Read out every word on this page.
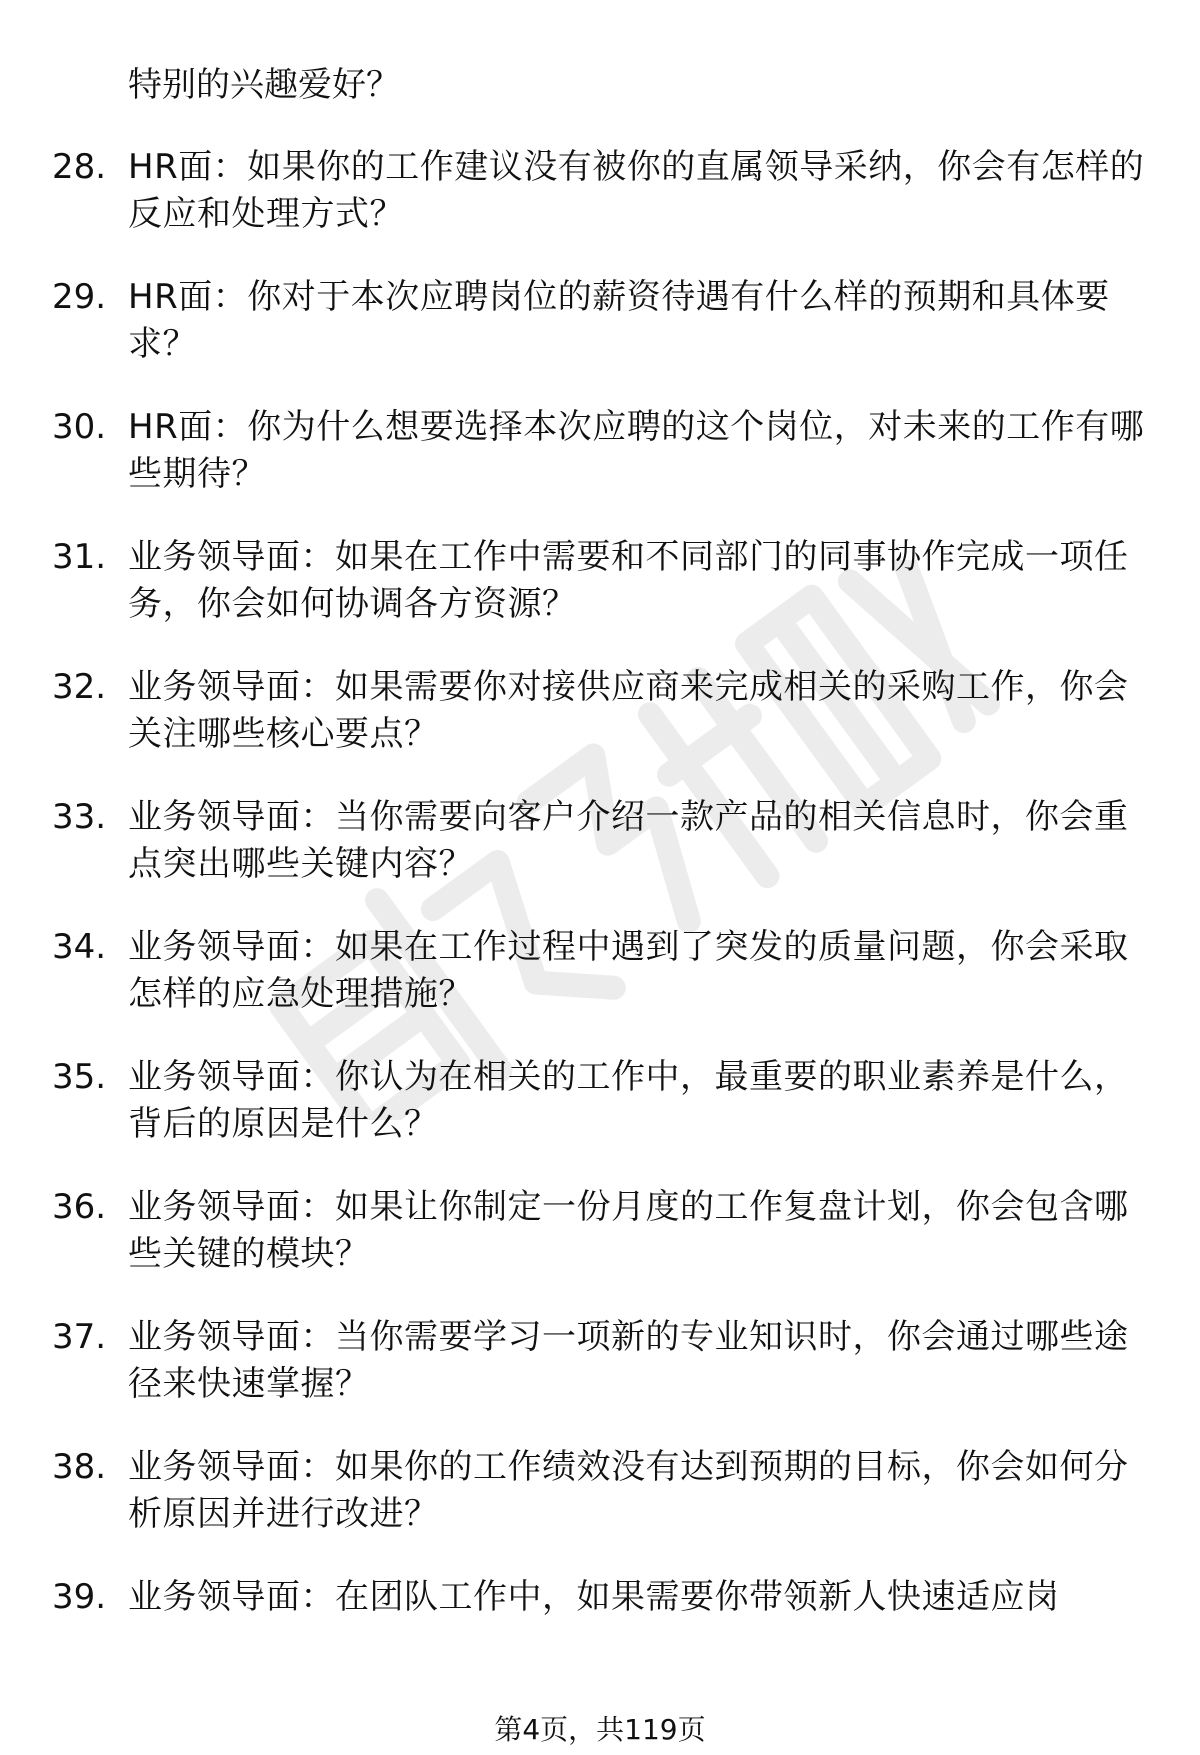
特别的兴趣爱好？
28. HR面：如果你的工作建议没有被你的直属领导采纳，你会有怎样的反应和处理方式？
29. HR面：你对于本次应聘岗位的薪资待遇有什么样的预期和具体要求？
30. HR面：你为什么想要选择本次应聘的这个岗位，对未来的工作有哪些期待？
31. 业务领导面：如果在工作中需要和不同部门的同事协作完成一项任务，你会如何协调各方资源？
32. 业务领导面：如果需要你对接供应商来完成相关的采购工作，你会关注哪些核心要点？
33. 业务领导面：当你需要向客户介绍一款产品的相关信息时，你会重点突出哪些关键内容？
34. 业务领导面：如果在工作过程中遇到了突发的质量问题，你会采取怎样的应急处理措施？
35. 业务领导面：你认为在相关的工作中，最重要的职业素养是什么，背后的原因是什么？
36. 业务领导面：如果让你制定一份月度的工作复盘计划，你会包含哪些关键的模块？
37. 业务领导面：当你需要学习一项新的专业知识时，你会通过哪些途径来快速掌握？
38. 业务领导面：如果你的工作绩效没有达到预期的目标，你会如何分析原因并进行改进？
39. 业务领导面：在团队工作中，如果需要你带领新人快速适应岗
第4页，共119页
